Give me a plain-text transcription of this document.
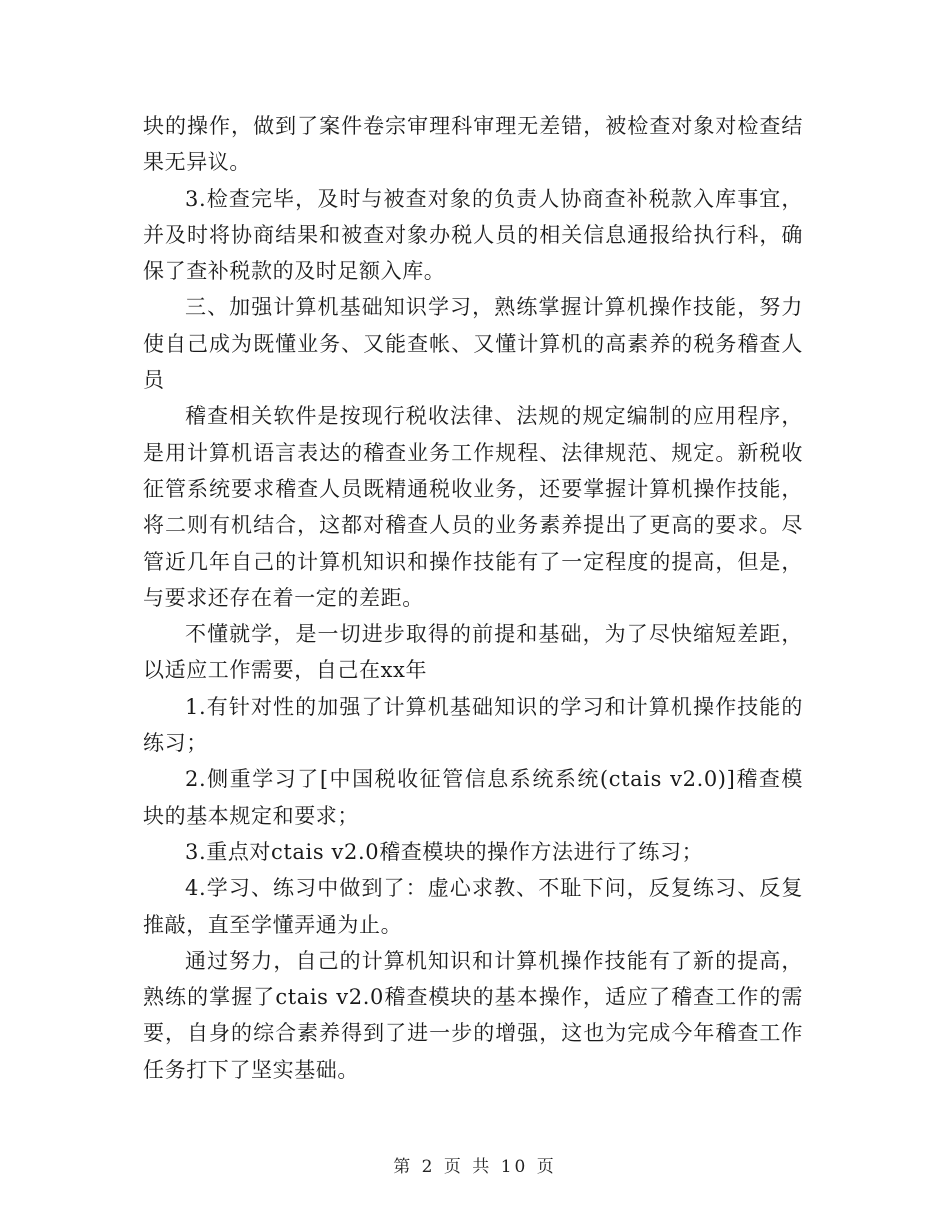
块的操作，做到了案件卷宗审理科审理无差错，被检查对象对检查结果无异议。

3.检查完毕，及时与被查对象的负责人协商查补税款入库事宜，并及时将协商结果和被查对象办税人员的相关信息通报给执行科，确保了查补税款的及时足额入库。

三、加强计算机基础知识学习，熟练掌握计算机操作技能，努力使自己成为既懂业务、又能查帐、又懂计算机的高素养的税务稽查人员

稽查相关软件是按现行税收法律、法规的规定编制的应用程序，是用计算机语言表达的稽查业务工作规程、法律规范、规定。新税收征管系统要求稽查人员既精通税收业务，还要掌握计算机操作技能，将二则有机结合，这都对稽查人员的业务素养提出了更高的要求。尽管近几年自己的计算机知识和操作技能有了一定程度的提高，但是，与要求还存在着一定的差距。

不懂就学，是一切进步取得的前提和基础，为了尽快缩短差距，以适应工作需要，自己在xx年

1.有针对性的加强了计算机基础知识的学习和计算机操作技能的练习；

2.侧重学习了[中国税收征管信息系统系统(ctais v2.0)]稽查模块的基本规定和要求；

3.重点对ctais v2.0稽查模块的操作方法进行了练习；

4.学习、练习中做到了：虚心求教、不耻下问，反复练习、反复推敲，直至学懂弄通为止。

通过努力，自己的计算机知识和计算机操作技能有了新的提高，熟练的掌握了ctais v2.0稽查模块的基本操作，适应了稽查工作的需要，自身的综合素养得到了进一步的增强，这也为完成今年稽查工作任务打下了坚实基础。

第 2 页 共 10 页
